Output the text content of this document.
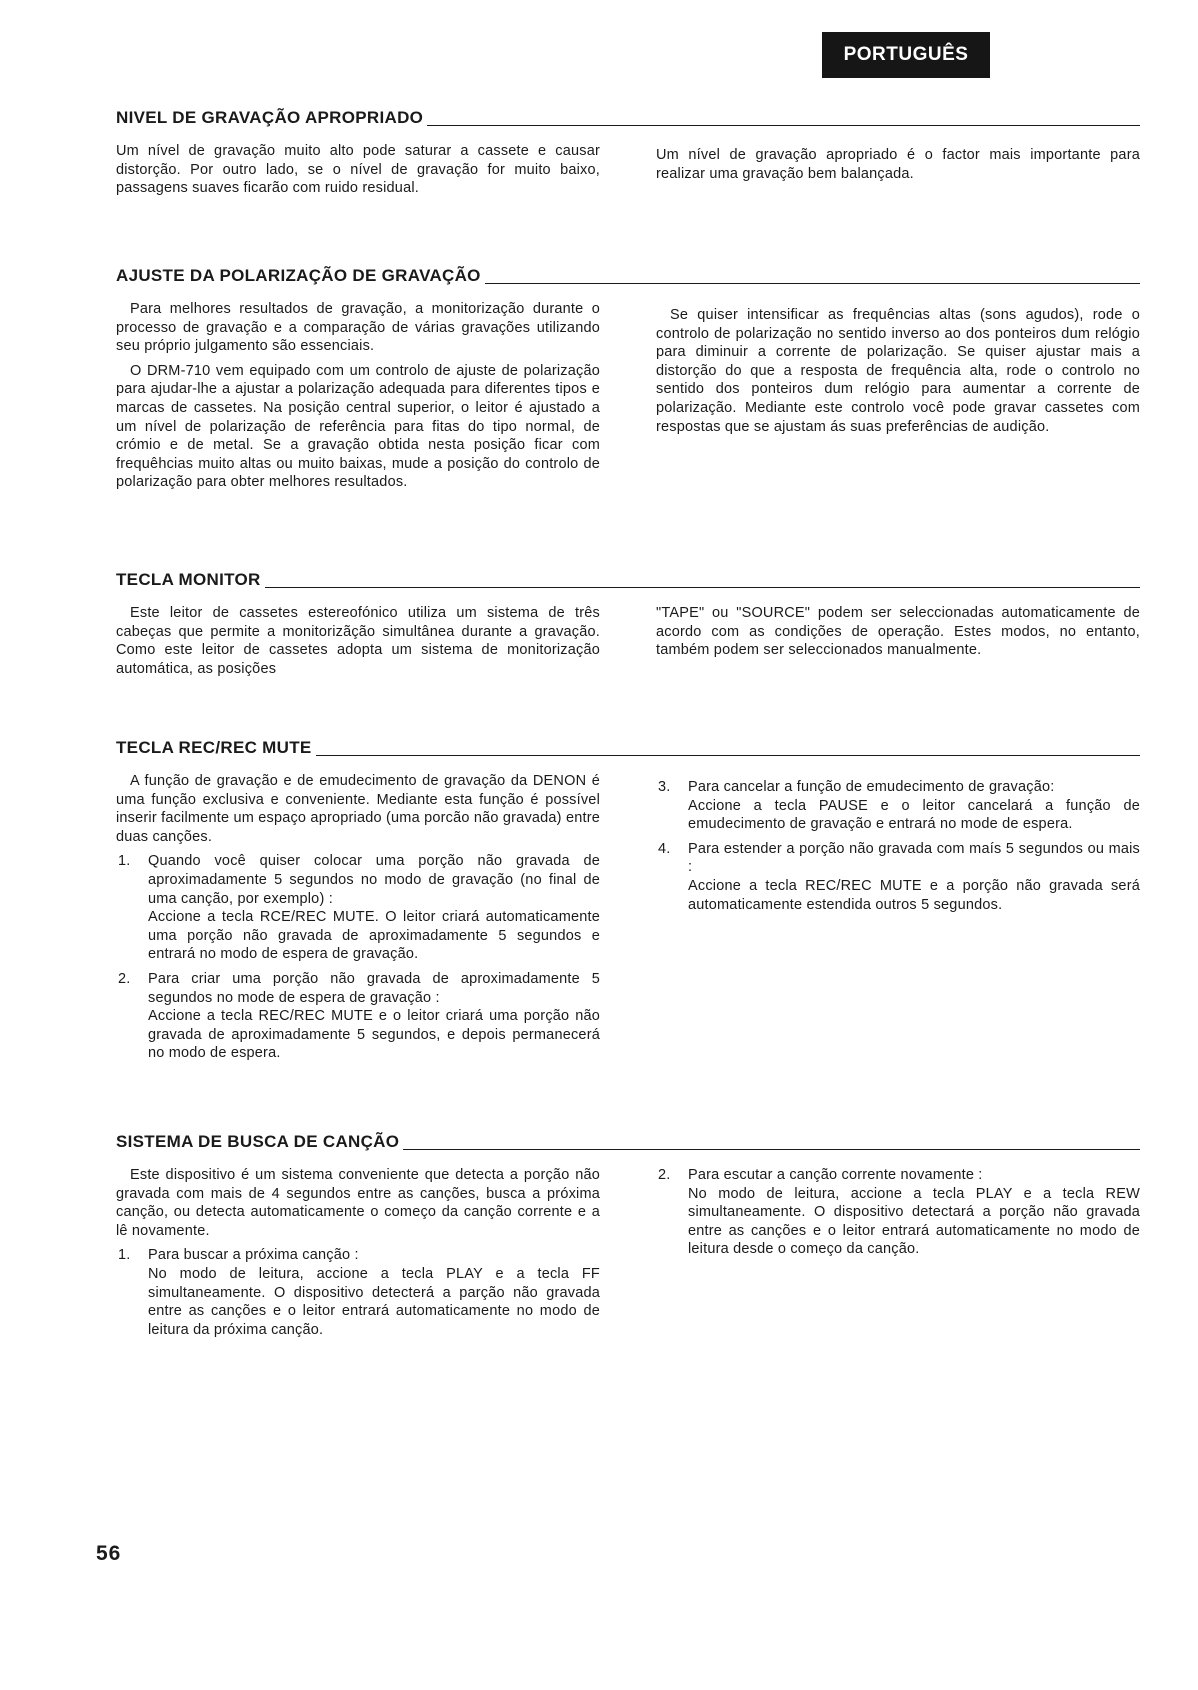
PORTUGUÊS
NIVEL DE GRAVAÇÃO APROPRIADO

Um nível de gravação muito alto pode saturar a cassete e causar distorção. Por outro lado, se o nível de gravação for muito baixo, passagens suaves ficarão com ruido residual.

Um nível de gravação apropriado é o factor mais importante para realizar uma gravação bem balançada.

AJUSTE DA POLARIZAÇÃO DE GRAVAÇÃO

Para melhores resultados de gravação, a monitorização durante o processo de gravação e a comparação de várias gravações utilizando seu próprio julgamento são essenciais.

O DRM-710 vem equipado com um controlo de ajuste de polarização para ajudar-lhe a ajustar a polarização adequada para diferentes tipos e marcas de cassetes. Na posição central superior, o leitor é ajustado a um nível de polarização de referência para fitas do tipo normal, de crómio e de metal. Se a gravação obtida nesta posição ficar com frequêhcias muito altas ou muito baixas, mude a posição do controlo de polarização para obter melhores resultados.

Se quiser intensificar as frequências altas (sons agudos), rode o controlo de polarização no sentido inverso ao dos ponteiros dum relógio para diminuir a corrente de polarização. Se quiser ajustar mais a distorção do que a resposta de frequência alta, rode o controlo no sentido dos ponteiros dum relógio para aumentar a corrente de polarização. Mediante este controlo você pode gravar cassetes com respostas que se ajustam ás suas preferências de audição.

TECLA MONITOR

Este leitor de cassetes estereofónico utiliza um sistema de três cabeças que permite a monitorizãção simultânea durante a gravação. Como este leitor de cassetes adopta um sistema de monitorização automática, as posições

"TAPE" ou "SOURCE" podem ser seleccionadas automaticamente de acordo com as condições de operação. Estes modos, no entanto, também podem ser seleccionados manualmente.

TECLA REC/REC MUTE

A função de gravação e de emudecimento de gravação da DENON é uma função exclusiva e conveniente. Mediante esta função é possível inserir facilmente um espaço apropriado (uma porcão não gravada) entre duas canções.

1.	Quando você quiser colocar uma porção não gravada de aproximadamente 5 segundos no modo de gravação (no final de uma canção, por exemplo) :
Accione a tecla RCE/REC MUTE. O leitor criará automaticamente uma porção não gravada de aproximadamente 5 segundos e entrará no modo de espera de gravação.
2.	Para criar uma porção não gravada de aproximadamente 5 segundos no mode de espera de gravação :
Accione a tecla REC/REC MUTE e o leitor criará uma porção não gravada de aproximadamente 5 segundos, e depois permanecerá no modo de espera.
3.	Para cancelar a função de emudecimento de gravação:
Accione a tecla PAUSE e o leitor cancelará a função de emudecimento de gravação e entrará no mode de espera.
4.	Para estender a porção não gravada com maís 5 segundos ou mais :
Accione a tecla REC/REC MUTE e a porção não gravada será automaticamente estendida outros 5 segundos.
SISTEMA DE BUSCA DE CANÇÃO

Este dispositivo é um sistema conveniente que detecta a porção não gravada com mais de 4 segundos entre as canções, busca a próxima canção, ou detecta automaticamente o começo da canção corrente e a lê novamente.

1.	Para buscar a próxima canção :
No modo de leitura, accione a tecla PLAY e a tecla FF simultaneamente. O dispositivo detecterá a parção não gravada entre as canções e o leitor entrará automaticamente no modo de leitura da próxima canção.
2.	Para escutar a canção corrente novamente :
No modo de leitura, accione a tecla PLAY e a tecla REW simultaneamente. O dispositivo detectará a porção não gravada entre as canções e o leitor entrará automaticamente no modo de leitura desde o começo da canção.
56
